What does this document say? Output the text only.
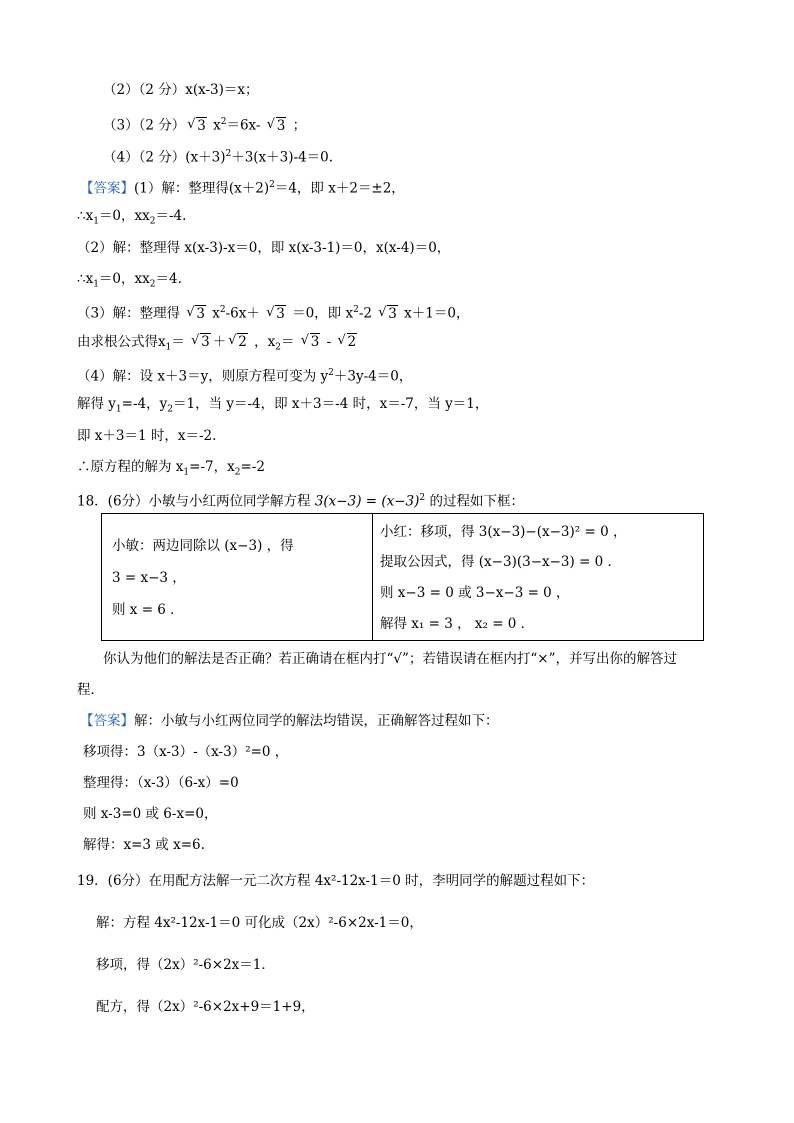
（2）（2 分）x(x-3)＝x；
（3）（2 分） √ 3 $x^2=6x-$ √ 3 ；
（4）（2 分）$(x+3)^2+3(x+3)-4=0$.
【答案】(1）解：整理得$(x+2)^2=4$，即 x＋2＝±2，
$\therefore x_1=0$，$xx_2=-4$.
（2）解：整理得 x(x-3)-x＝0，即 x(x-3-1)＝0，x(x-4)＝0，
$\therefore x_1=0$，$xx_2=4$.
（3）解：整理得 √ 3 $x^2-6x+$ √ 3 ＝0，即 $x^2-2$ √ 3 x＋1＝0，
由求根公式得$x_1=$ √ 3 ＋ √ 2 ，$x_2=$ √ 3 - √ 2
（4）解：设 x＋3＝y，则原方程可变为 $y^2+3y-4=0$，
解得 $y_1=-4$，$y_2=1$，当 y＝-4，即 x＋3＝-4 时，x＝-7，当 y＝1，
即 x＋3＝1 时，x＝-2.
∴原方程的解为 $x_1=-7$，$x_2=-2$
18．(6分）小敏与小红两位同学解方程 $3(x-3) = (x-3)^2$ 的过程如下框：
小敏：两边同除以 (x−3) ，得
3 = x−3 ，
则 x = 6 ．
小红：移项，得 3(x−3)−(x−3)² = 0 ，
提取公因式，得 (x−3)(3−x−3) = 0 ．
则 x−3 = 0 或 3−x−3 = 0 ，
解得 x₁ = 3 ， x₂ = 0 ．
你认为他们的解法是否正确？若正确请在框内打“√”；若错误请在框内打“×”，并写出你的解答过
程．
【答案】解：小敏与小红两位同学的解法均错误，正确解答过程如下：
移项得：3（x-3）-（x-3）²=0 ，
整理得：（x-3）（6-x）=0
则 x-3=0 或 6-x=0，
解得：x=3 或 x=6.
19．(6分）在用配方法解一元二次方程 4x²-12x-1＝0 时，李明同学的解题过程如下：
解：方程 4x²-12x-1＝0 可化成（2x）²-6×2x-1＝0，
移项，得（2x）²-6×2x＝1．
配方，得（2x）²-6×2x+9＝1+9，
